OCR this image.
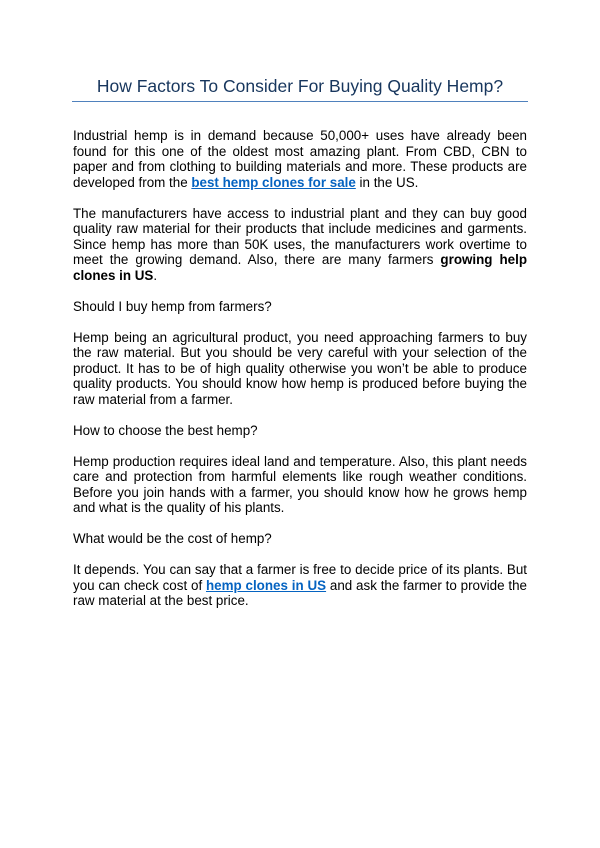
How Factors To Consider For Buying Quality Hemp?

Industrial hemp is in demand because 50,000+ uses have already been found for this one of the oldest most amazing plant. From CBD, CBN to paper and from clothing to building materials and more. These products are developed from the best hemp clones for sale in the US.

The manufacturers have access to industrial plant and they can buy good quality raw material for their products that include medicines and garments. Since hemp has more than 50K uses, the manufacturers work overtime to meet the growing demand. Also, there are many farmers growing help clones in US.

Should I buy hemp from farmers?

Hemp being an agricultural product, you need approaching farmers to buy the raw material. But you should be very careful with your selection of the product. It has to be of high quality otherwise you won’t be able to produce quality products. You should know how hemp is produced before buying the raw material from a farmer.

How to choose the best hemp?

Hemp production requires ideal land and temperature. Also, this plant needs care and protection from harmful elements like rough weather conditions. Before you join hands with a farmer, you should know how he grows hemp and what is the quality of his plants.

What would be the cost of hemp?

It depends. You can say that a farmer is free to decide price of its plants. But you can check cost of hemp clones in US and ask the farmer to provide the raw material at the best price.
